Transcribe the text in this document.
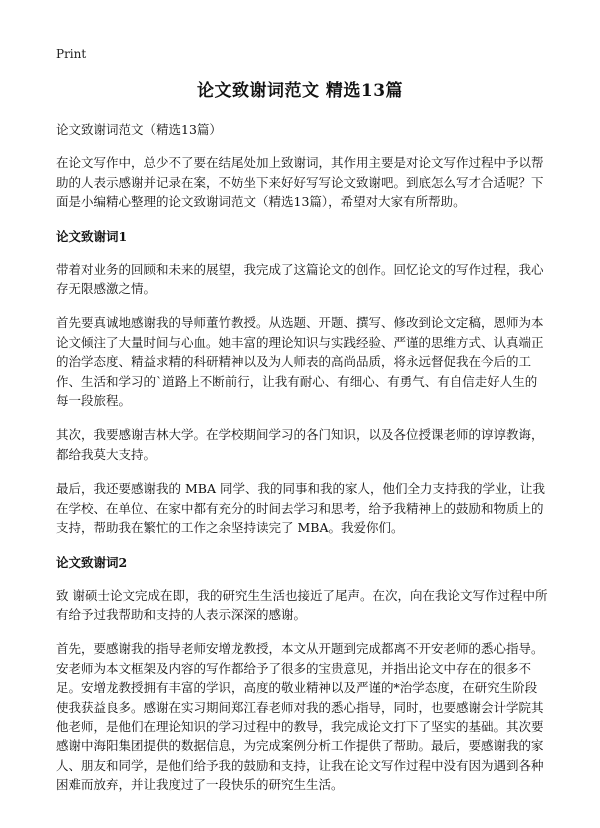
Print
论文致谢词范文 精选13篇

论文致谢词范文（精选13篇）

在论文写作中，总少不了要在结尾处加上致谢词，其作用主要是对论文写作过程中予以帮助的人表示感谢并记录在案，不妨坐下来好好写写论文致谢吧。到底怎么写才合适呢？下面是小编精心整理的论文致谢词范文（精选13篇），希望对大家有所帮助。

论文致谢词1

带着对业务的回顾和未来的展望，我完成了这篇论文的创作。回忆论文的写作过程，我心存无限感激之情。

首先要真诚地感谢我的导师董竹教授。从选题、开题、撰写、修改到论文定稿，恩师为本论文倾注了大量时间与心血。她丰富的理论知识与实践经验、严谨的思维方式、认真端正的治学态度、精益求精的科研精神以及为人师表的高尚品质，将永远督促我在今后的工作、生活和学习的`道路上不断前行，让我有耐心、有细心、有勇气、有自信走好人生的每一段旅程。

其次，我要感谢吉林大学。在学校期间学习的各门知识，以及各位授课老师的谆谆教诲，都给我莫大支持。

最后，我还要感谢我的 MBA 同学、我的同事和我的家人，他们全力支持我的学业，让我在学校、在单位、在家中都有充分的时间去学习和思考，给予我精神上的鼓励和物质上的支持，帮助我在繁忙的工作之余坚持读完了 MBA。我爱你们。

论文致谢词2

致 谢硕士论文完成在即，我的研究生生活也接近了尾声。在次，向在我论文写作过程中所有给予过我帮助和支持的人表示深深的感谢。

首先，要感谢我的指导老师安增龙教授，本文从开题到完成都离不开安老师的悉心指导。安老师为本文框架及内容的写作都给予了很多的宝贵意见，并指出论文中存在的很多不足。安增龙教授拥有丰富的学识，高度的敬业精神以及严谨的*治学态度，在研究生阶段使我获益良多。感谢在实习期间郑江春老师对我的悉心指导，同时，也要感谢会计学院其他老师，是他们在理论知识的学习过程中的教导，我完成论文打下了坚实的基础。其次要感谢中海阳集团提供的数据信息，为完成案例分析工作提供了帮助。最后，要感谢我的家人、朋友和同学，是他们给予我的鼓励和支持，让我在论文写作过程中没有因为遇到各种困难而放弃，并让我度过了一段快乐的研究生生活。
